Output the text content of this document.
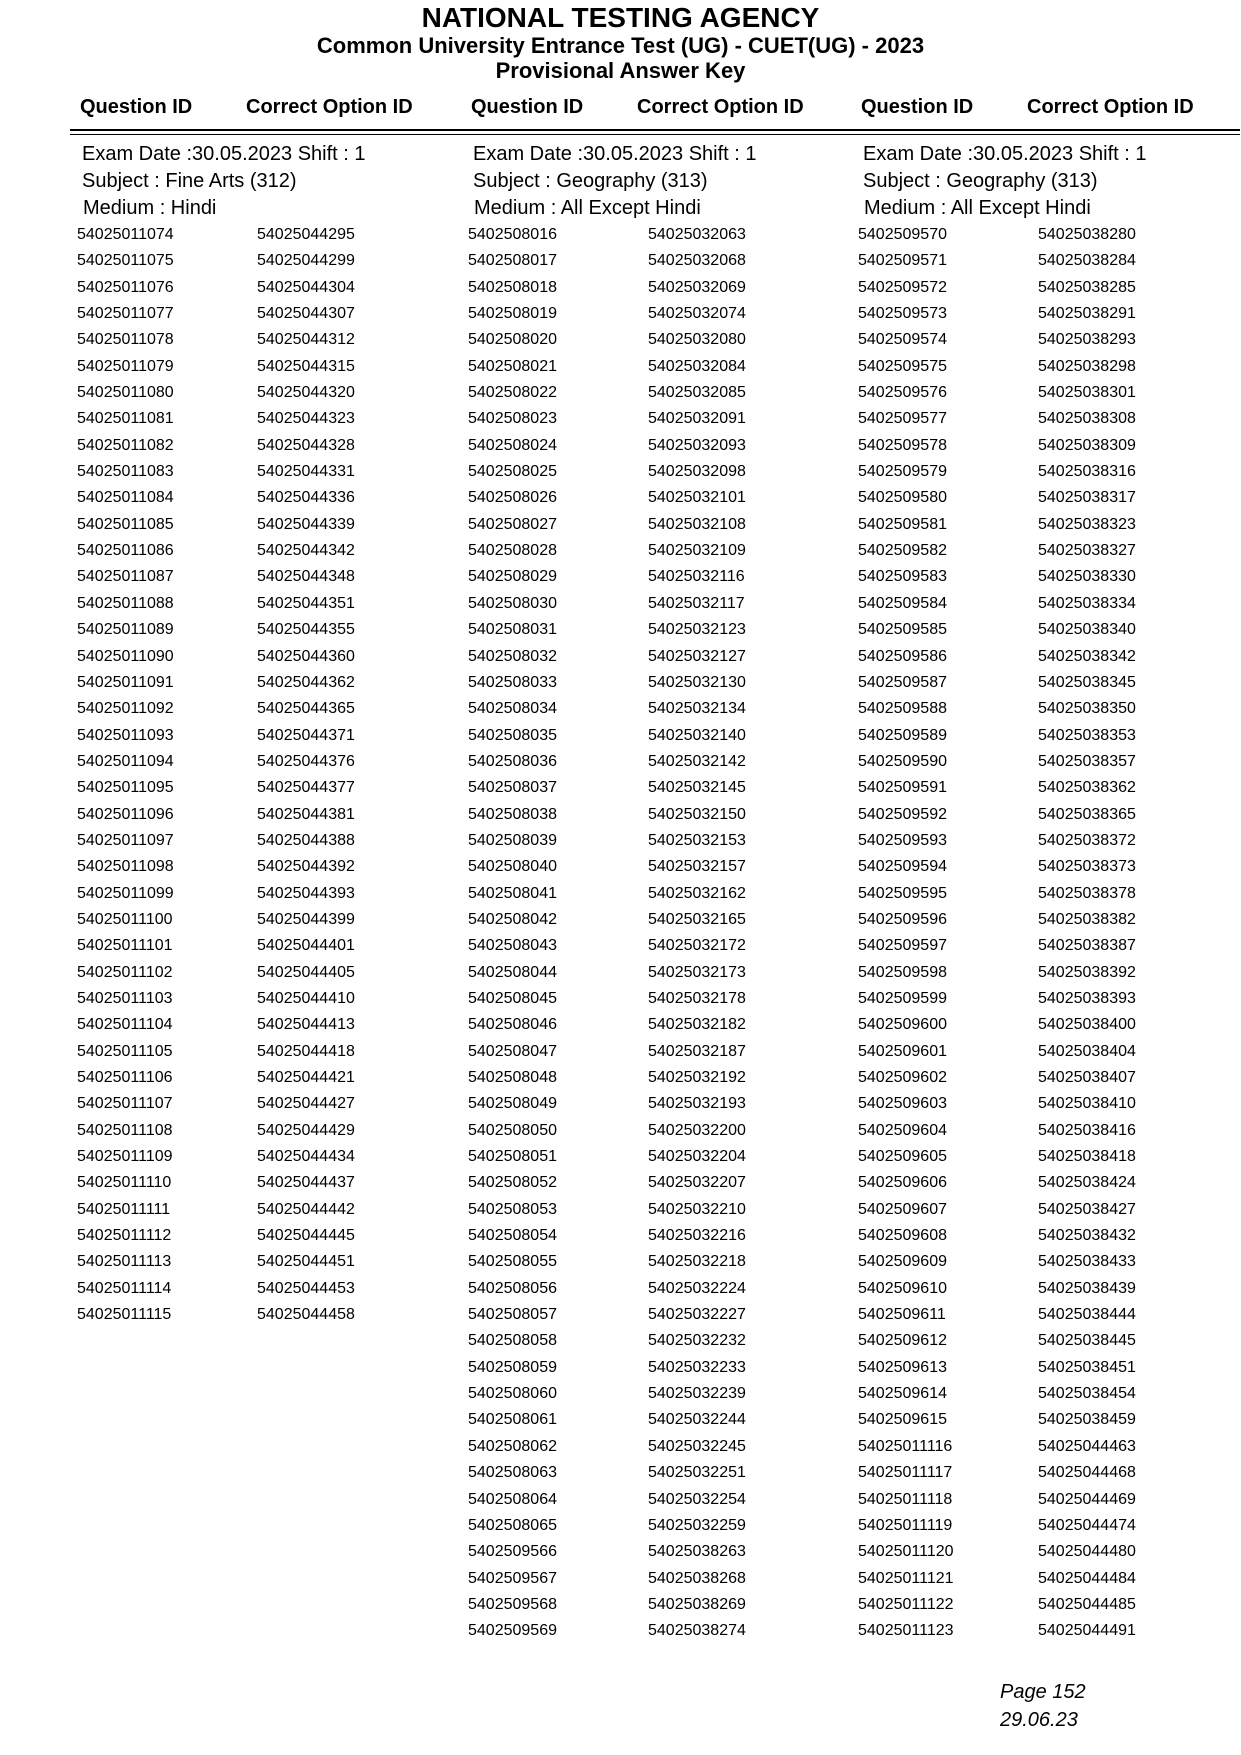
NATIONAL TESTING AGENCY
Common University Entrance Test (UG) - CUET(UG) - 2023
Provisional Answer Key
Question ID	Correct Option ID	Question ID	Correct Option ID	Question ID	Correct Option ID
Exam Date :30.05.2023 Shift : 1
Subject : Fine Arts (312)
Medium : Hindi
54025011074	54025044295
54025011075	54025044299
54025011076	54025044304
54025011077	54025044307
54025011078	54025044312
54025011079	54025044315
54025011080	54025044320
54025011081	54025044323
54025011082	54025044328
54025011083	54025044331
54025011084	54025044336
54025011085	54025044339
54025011086	54025044342
54025011087	54025044348
54025011088	54025044351
54025011089	54025044355
54025011090	54025044360
54025011091	54025044362
54025011092	54025044365
54025011093	54025044371
54025011094	54025044376
54025011095	54025044377
54025011096	54025044381
54025011097	54025044388
54025011098	54025044392
54025011099	54025044393
54025011100	54025044399
54025011101	54025044401
54025011102	54025044405
54025011103	54025044410
54025011104	54025044413
54025011105	54025044418
54025011106	54025044421
54025011107	54025044427
54025011108	54025044429
54025011109	54025044434
54025011110	54025044437
54025011111	54025044442
54025011112	54025044445
54025011113	54025044451
54025011114	54025044453
54025011115	54025044458
Exam Date :30.05.2023 Shift : 1
Subject : Geography (313)
Medium : All Except Hindi
5402508016	54025032063
5402508017	54025032068
5402508018	54025032069
5402508019	54025032074
5402508020	54025032080
5402508021	54025032084
5402508022	54025032085
5402508023	54025032091
5402508024	54025032093
5402508025	54025032098
5402508026	54025032101
5402508027	54025032108
5402508028	54025032109
5402508029	54025032116
5402508030	54025032117
5402508031	54025032123
5402508032	54025032127
5402508033	54025032130
5402508034	54025032134
5402508035	54025032140
5402508036	54025032142
5402508037	54025032145
5402508038	54025032150
5402508039	54025032153
5402508040	54025032157
5402508041	54025032162
5402508042	54025032165
5402508043	54025032172
5402508044	54025032173
5402508045	54025032178
5402508046	54025032182
5402508047	54025032187
5402508048	54025032192
5402508049	54025032193
5402508050	54025032200
5402508051	54025032204
5402508052	54025032207
5402508053	54025032210
5402508054	54025032216
5402508055	54025032218
5402508056	54025032224
5402508057	54025032227
5402508058	54025032232
5402508059	54025032233
5402508060	54025032239
5402508061	54025032244
5402508062	54025032245
5402508063	54025032251
5402508064	54025032254
5402508065	54025032259
5402509566	54025038263
5402509567	54025038268
5402509568	54025038269
5402509569	54025038274
Exam Date :30.05.2023 Shift : 1
Subject : Geography (313)
Medium : All Except Hindi
5402509570	54025038280
5402509571	54025038284
5402509572	54025038285
5402509573	54025038291
5402509574	54025038293
5402509575	54025038298
5402509576	54025038301
5402509577	54025038308
5402509578	54025038309
5402509579	54025038316
5402509580	54025038317
5402509581	54025038323
5402509582	54025038327
5402509583	54025038330
5402509584	54025038334
5402509585	54025038340
5402509586	54025038342
5402509587	54025038345
5402509588	54025038350
5402509589	54025038353
5402509590	54025038357
5402509591	54025038362
5402509592	54025038365
5402509593	54025038372
5402509594	54025038373
5402509595	54025038378
5402509596	54025038382
5402509597	54025038387
5402509598	54025038392
5402509599	54025038393
5402509600	54025038400
5402509601	54025038404
5402509602	54025038407
5402509603	54025038410
5402509604	54025038416
5402509605	54025038418
5402509606	54025038424
5402509607	54025038427
5402509608	54025038432
5402509609	54025038433
5402509610	54025038439
5402509611	54025038444
5402509612	54025038445
5402509613	54025038451
5402509614	54025038454
5402509615	54025038459
54025011116	54025044463
54025011117	54025044468
54025011118	54025044469
54025011119	54025044474
54025011120	54025044480
54025011121	54025044484
54025011122	54025044485
54025011123	54025044491
Page 152
29.06.23
